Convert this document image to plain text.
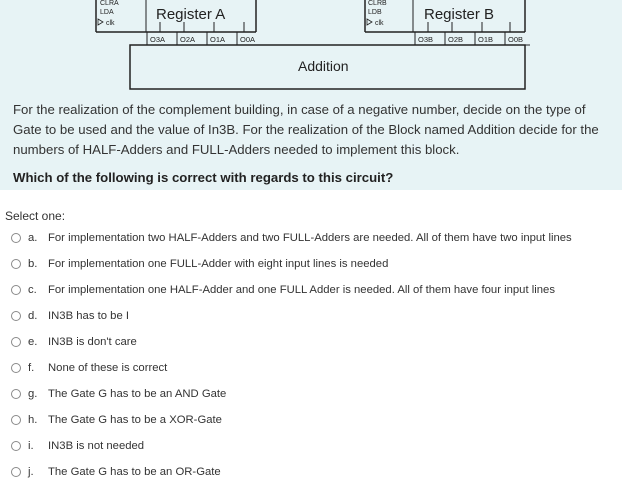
CLRA
LDA
clk
Register A
O3A O2A O1A O0A
CLRB
LDB
clk
Register B
O3B O2B O1B O0B
Addition

For the realization of the complement building, in case of a negative number, decide on the type of Gate to be used and the value of In3B. For the realization of the Block named Addition decide for the numbers of HALF-Adders and FULL-Adders needed to implement this block.

Which of the following is correct with regards to this circuit?

Select one:
a. For implementation two HALF-Adders and two FULL-Adders are needed. All of them have two input lines
b. For implementation one FULL-Adder with eight input lines is needed
c. For implementation one HALF-Adder and one FULL Adder is needed. All of them have four input lines
d. IN3B has to be I
e. IN3B is don't care
f. None of these is correct
g. The Gate G has to be an AND Gate
h. The Gate G has to be a XOR-Gate
i. IN3B is not needed
j. The Gate G has to be an OR-Gate
